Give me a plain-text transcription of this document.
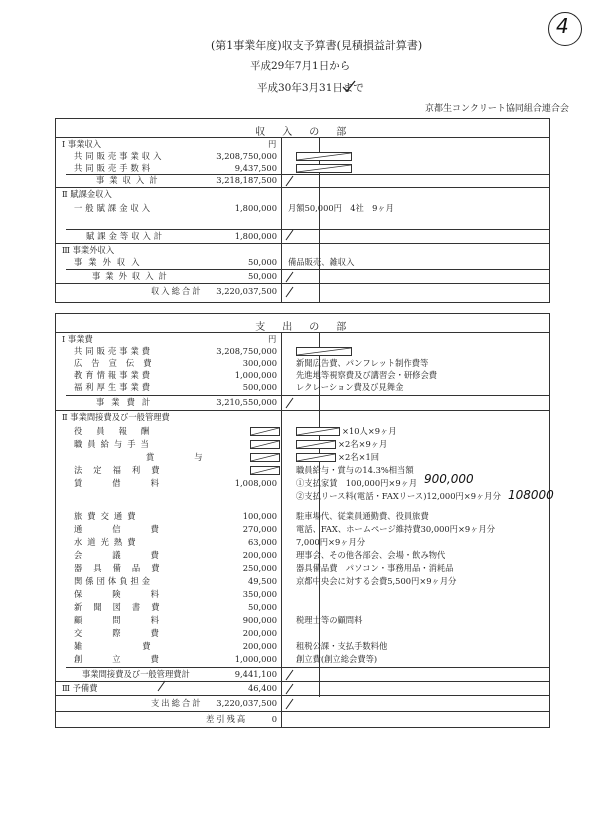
4
(第1事業年度)収支予算書(見積損益計算書)
平成29年7月1日から
平成30年3月31日まで
京都生コンクリート協同組合連合会
収　入　の　部
円
Ⅰ 事業収入
共同販売事業収入	3,208,750,000
共同販売手数料	9,437,500
事業収入計	3,218,187,500
Ⅱ 賦課金収入
一般賦課金収入	1,800,000 月額50,000円　4社　9ヶ月
賦課金等収入計	1,800,000
Ⅲ 事業外収入
事業外収入	50,000 備品販売、雑収入
事業外収入計	50,000
収入総合計 3,220,037,500
支　出　の　部
円
Ⅰ 事業費
共同販売事業費	3,208,750,000
広告宣伝費	300,000 新聞広告費、パンフレット制作費等
教育情報事業費	1,000,000 先進地等視察費及び講習会・研修会費
福利厚生事業費	500,000 レクレーション費及び見舞金
事業費計	3,210,550,000
Ⅱ 事業間接費及び一般管理費
役員報酬	×10人×9ヶ月
職員給与手当	×2名×9ヶ月
賞与	×2名×1回
法定福利費	職員給与・賞与の14.3%相当額
賃借料	1,008,000 ①支払家賃　100,000円×9ヶ月 900,000
②支払リース料(電話・FAXリース)12,000円×9ヶ月分 108000
旅費交通費	100,000 駐車場代、従業員通勤費、役員旅費
通信費	270,000 電話、FAX、ホームページ維持費30,000円×9ヶ月分
水道光熱費	63,000 7,000円×9ヶ月分
会議費	200,000 理事会、その他各部会、会場・飲み物代
器具備品費	250,000 器具備品費　パソコン・事務用品・消耗品
関係団体負担金	49,500 京都中央会に対する会費5,500円×9ヶ月分
保険料	350,000
新聞図書費	50,000
顧問料	900,000 税理士等の顧問料
交際費	200,000
雑費	200,000 租税公課・支払手数料他
創立費	1,000,000 創立費(創立総会費等)
事業間接費及び一般管理費計	9,441,100
Ⅲ 予備費	46,400
支出総合計 3,220,037,500
差引残高	0
